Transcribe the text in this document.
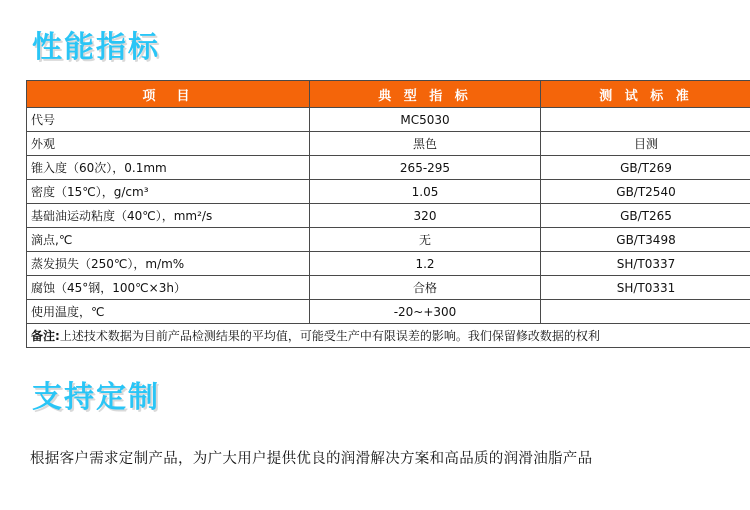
性能指标
项　目	典 型 指 标	测 试 标 准
代号	MC5030	
外观	黑色	目测
锥入度（60次），0.1mm	265-295	GB/T269
密度（15℃），g/cm³	1.05	GB/T2540
基础油运动粘度（40℃），mm²/s	320	GB/T265
滴点,℃	无	GB/T3498
蒸发损失（250℃），m/m%	1.2	SH/T0337
腐蚀（45°钢，100℃×3h）	合格	SH/T0331
使用温度，℃	-20~+300	
备注:上述技术数据为目前产品检测结果的平均值，可能受生产中有限误差的影响。我们保留修改数据的权利		
支持定制
根据客户需求定制产品，为广大用户提供优良的润滑解决方案和高品质的润滑油脂产品
